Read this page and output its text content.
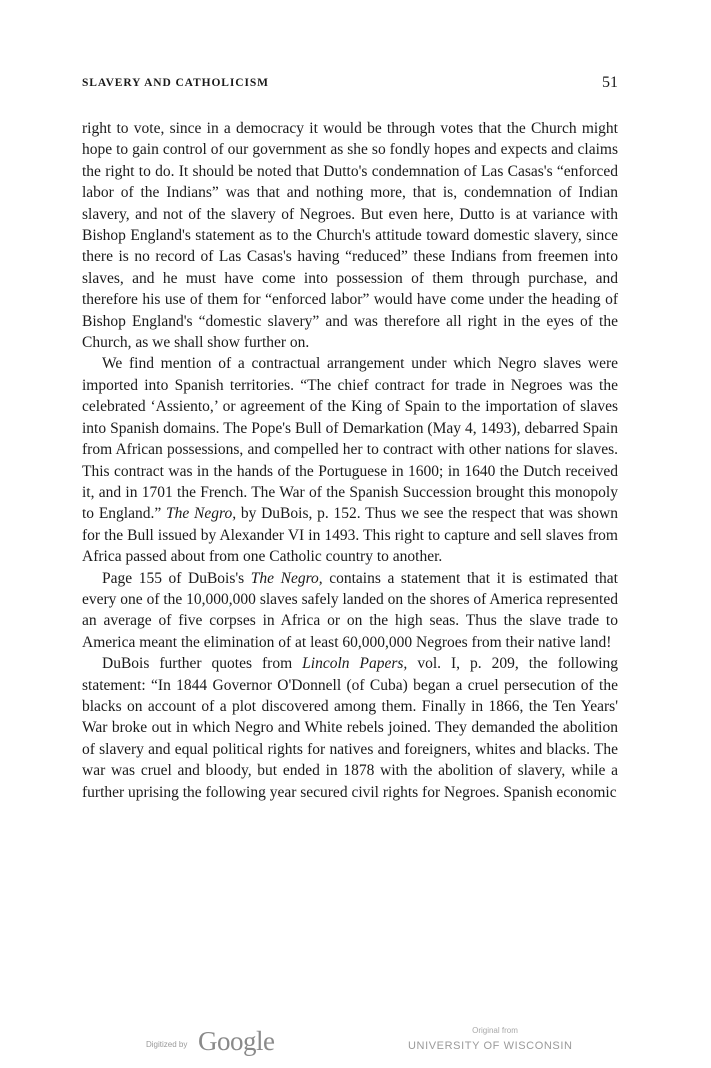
SLAVERY AND CATHOLICISM	51

right to vote, since in a democracy it would be through votes that the Church might hope to gain control of our government as she so fondly hopes and expects and claims the right to do. It should be noted that Dutto's condemnation of Las Casas's “enforced labor of the Indians” was that and nothing more, that is, condemnation of Indian slavery, and not of the slavery of Negroes. But even here, Dutto is at variance with Bishop England's statement as to the Church's attitude toward domestic slavery, since there is no record of Las Casas's having “reduced” these Indians from freemen into slaves, and he must have come into possession of them through purchase, and therefore his use of them for “enforced labor” would have come under the heading of Bishop England's “domestic slavery” and was therefore all right in the eyes of the Church, as we shall show further on.

We find mention of a contractual arrangement under which Negro slaves were imported into Spanish territories. “The chief contract for trade in Negroes was the celebrated ‘Assiento,’ or agreement of the King of Spain to the importation of slaves into Spanish domains. The Pope's Bull of Demarkation (May 4, 1493), debarred Spain from African possessions, and compelled her to contract with other nations for slaves. This contract was in the hands of the Portuguese in 1600; in 1640 the Dutch received it, and in 1701 the French. The War of the Spanish Succession brought this monopoly to England.” The Negro, by DuBois, p. 152. Thus we see the respect that was shown for the Bull issued by Alexander VI in 1493. This right to capture and sell slaves from Africa passed about from one Catholic country to another.

Page 155 of DuBois's The Negro, contains a statement that it is estimated that every one of the 10,000,000 slaves safely landed on the shores of America represented an average of five corpses in Africa or on the high seas. Thus the slave trade to America meant the elimination of at least 60,000,000 Negroes from their native land!

DuBois further quotes from Lincoln Papers, vol. I, p. 209, the following statement: “In 1844 Governor O'Donnell (of Cuba) began a cruel persecution of the blacks on account of a plot discovered among them. Finally in 1866, the Ten Years' War broke out in which Negro and White rebels joined. They demanded the abolition of slavery and equal political rights for natives and foreigners, whites and blacks. The war was cruel and bloody, but ended in 1878 with the abolition of slavery, while a further uprising the following year secured civil rights for Negroes. Spanish economic

Digitized by Google	Original from
UNIVERSITY OF WISCONSIN
